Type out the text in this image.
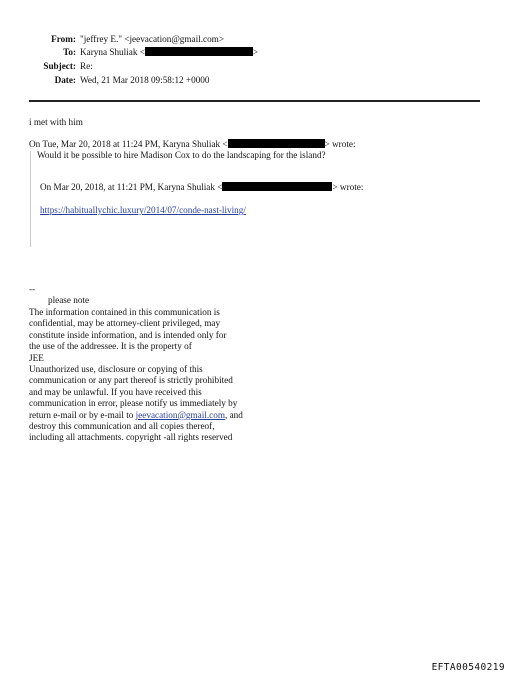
From: "jeffrey E." <jeevacation@gmail.com>
To: Karyna Shuliak <	>
Subject: Re:
Date: Wed, 21 Mar 2018 09:58:12 +0000
i met with him
On Tue, Mar 20, 2018 at 11:24 PM, Karyna Shuliak <	> wrote:
Would it be possible to hire Madison Cox to do the landscaping for the island?
On Mar 20, 2018, at 11:21 PM, Karyna Shuliak <	> wrote:
https://habituallychic.luxury/2014/07/conde-nast-living/
--
please note
The information contained in this communication is
confidential, may be attorney-client privileged, may
constitute inside information, and is intended only for
the use of the addressee. It is the property of
JEE
Unauthorized use, disclosure or copying of this
communication or any part thereof is strictly prohibited
and may be unlawful. If you have received this
communication in error, please notify us immediately by
return e-mail or by e-mail to jeevacation@gmail.com, and
destroy this communication and all copies thereof,
including all attachments. copyright -all rights reserved
EFTA00540219
